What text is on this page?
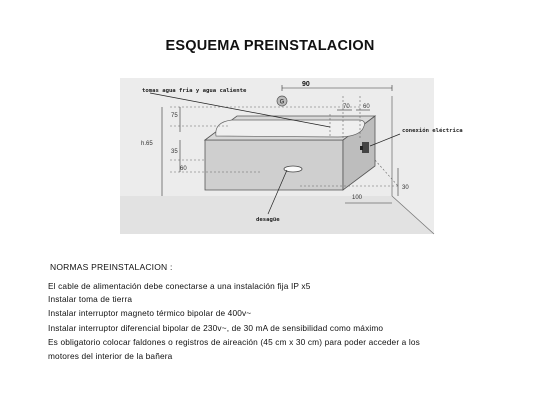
ESQUEMA PREINSTALACION
G
tomas agua fria y agua caliente
conexión eléctrica
desagüe
90
70 60
75
h.65
35
60
30
100
NORMAS PREINSTALACION :
El cable de alimentación debe conectarse a una instalación fija IP x5
Instalar toma de tierra
Instalar interruptor magneto térmico bipolar de 400v~
Instalar interruptor diferencial bipolar de 230v~, de 30 mA de sensibilidad como máximo
Es obligatorio colocar faldones o registros de aireación (45 cm x 30 cm) para poder acceder a los
motores del interior de la bañera
